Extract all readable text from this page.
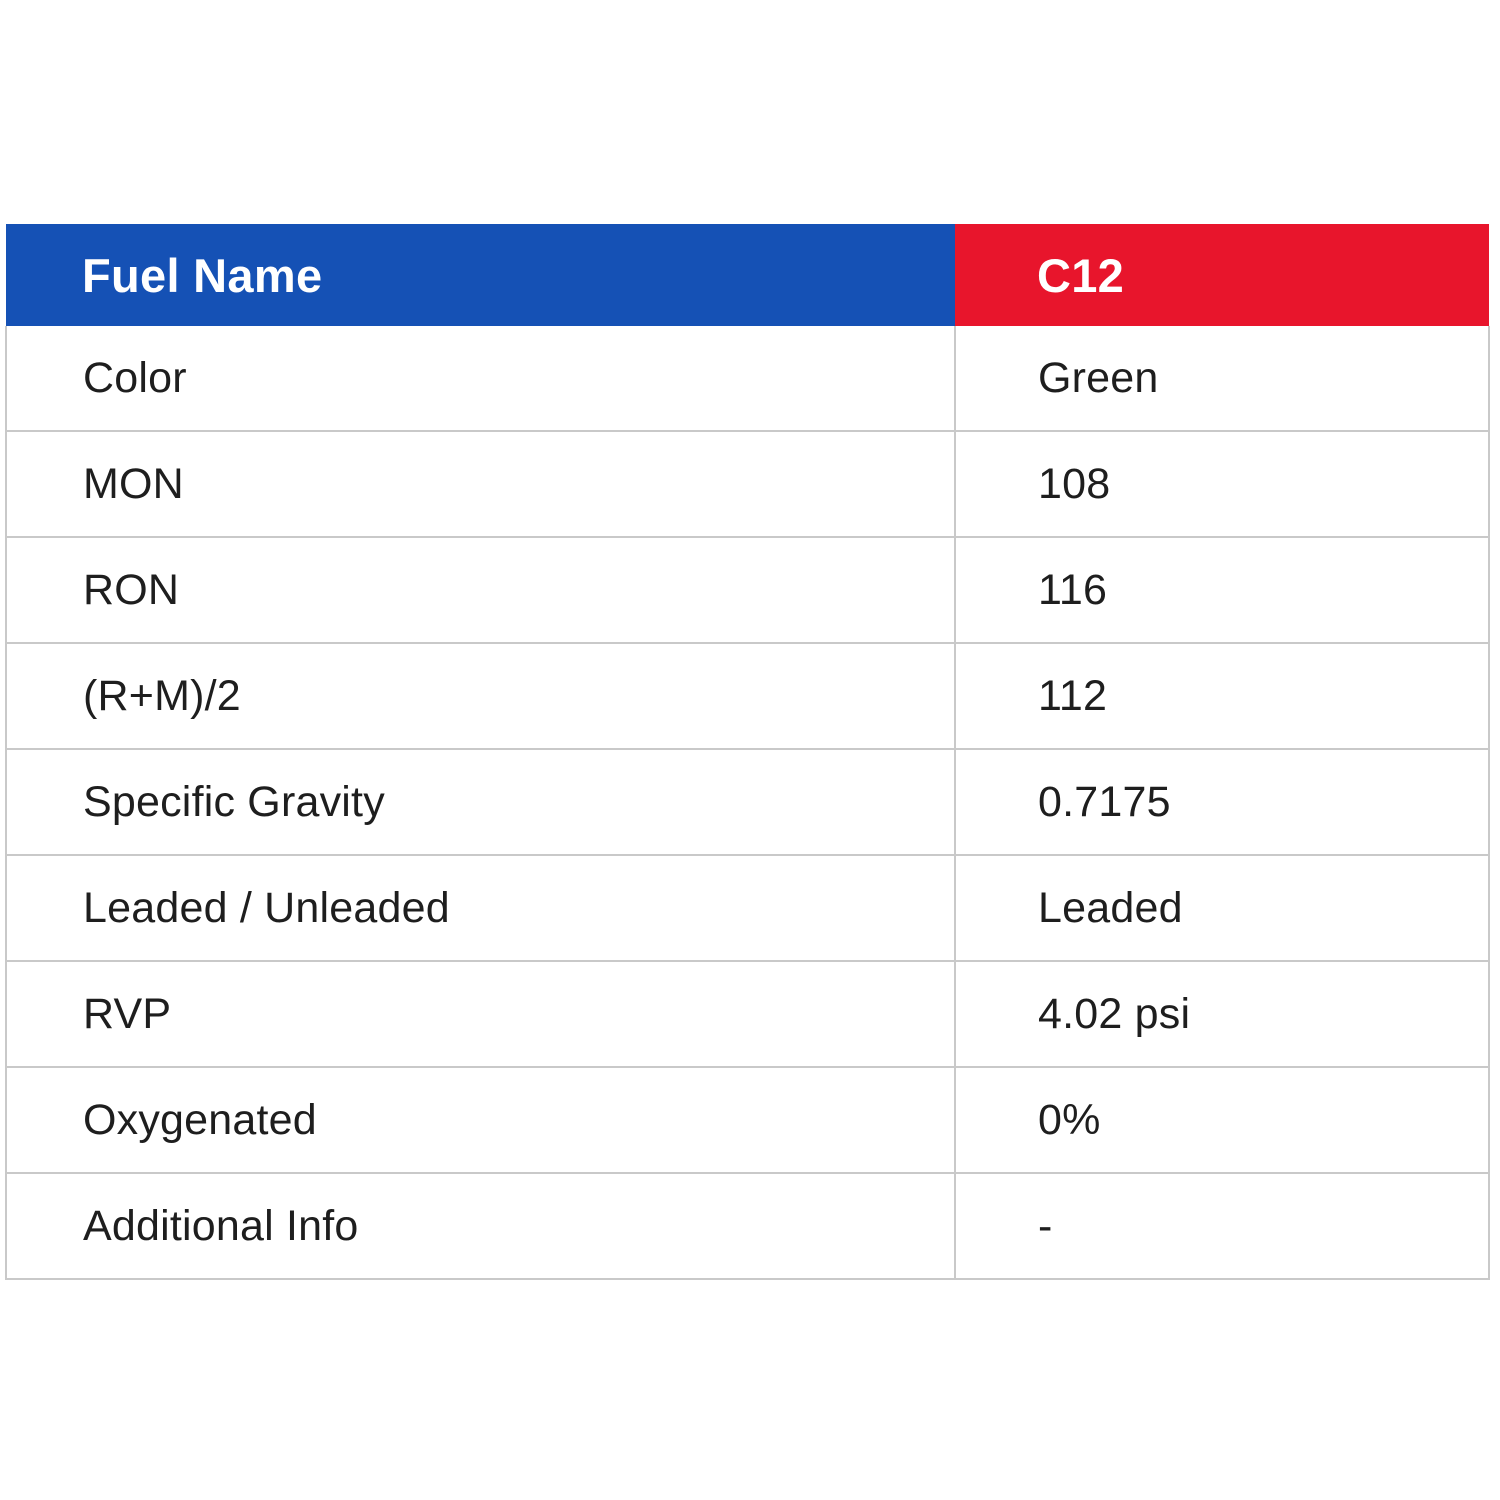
Fuel Name	C12
Color	Green
MON	108
RON	116
(R+M)/2	112
Specific Gravity	0.7175
Leaded / Unleaded	Leaded
RVP	4.02 psi
Oxygenated	0%
Additional Info	-
